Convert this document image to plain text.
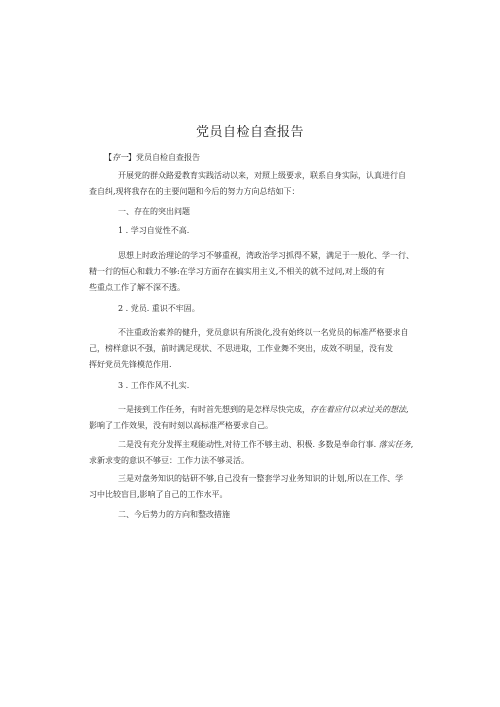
党员自检自查报告
【存一】党员自检自查报告
开展党的群众路爱教育实践活动以来，对照上级要求，联系自身实际，认真进行自
查自纠,现将我存在的主要问题和今后的努力方向总结如下：
一、存在的突出问题
1 . 学习自觉性不高.
思想上时政治理论的学习不够重视，湾政治学习抓得不紧，满足于一般化、学一行、
精一行的恒心和载力不够:在学习方面存在搞实用主义,不相关的就不过问,对上级的有
些重点工作了解不深不透。
2 . 党员. 重识不牢固。
不注重政治素养的健升，党员意识有所淡化,没有始终以一名党员的标准严格要求自
己，榜样意识不强，前时满足现状、不思进取，工作业舞不突出，成效不明显，没有发
挥好党员先锋模范作用.
3 . 工作作风不扎实.
一是接到工作任务，有时首先想到的是怎样尽快完成，存在着应付以求过关的想法,
影响了工作效果，没有时刻以高标准严格要求自己。
二是没有充分发挥主观能动性,对待工作不够主动、积极. 多数是奉命行事. 落实任务,
求新求变的意识不够豆：工作力法不够灵活。
三是对盘务知识的钻研不够,自己没有一整套学习业务知识的计划,所以在工作、学
习中比较盲目,影响了自己的工作水平。
二、今后势力的方向和整改措施
